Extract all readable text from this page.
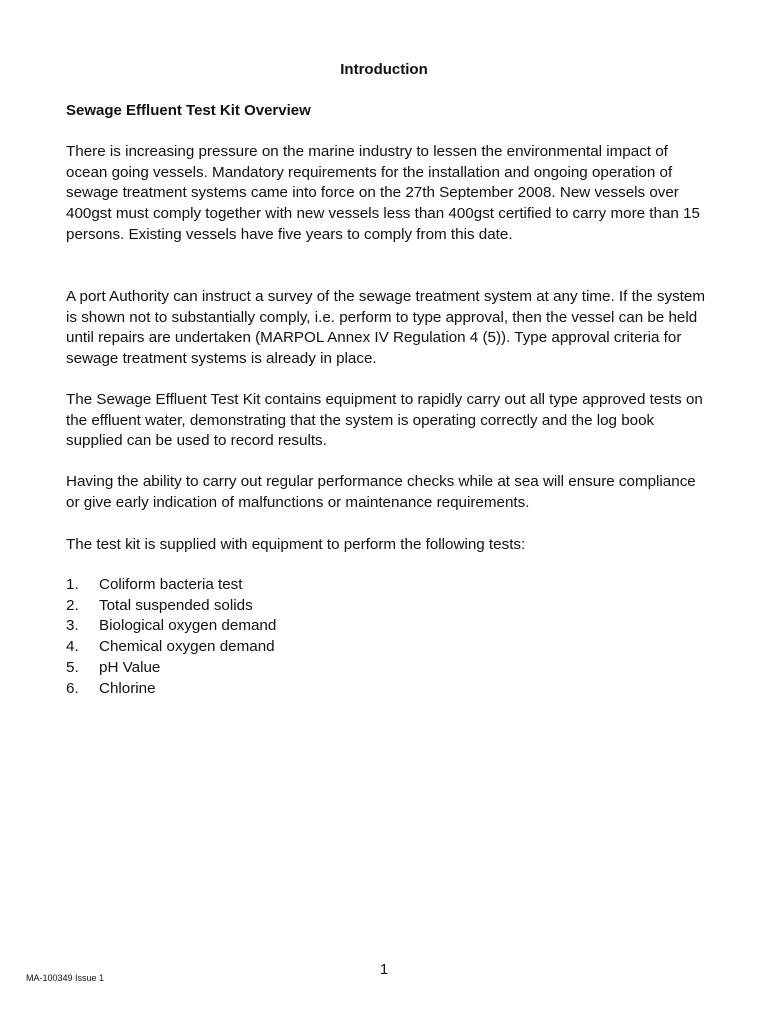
Introduction
Sewage Effluent Test Kit Overview

There is increasing pressure on the marine industry to lessen the environmental impact of ocean going vessels. Mandatory requirements for the installation and ongoing operation of sewage treatment systems came into force on the 27th September 2008. New vessels over 400gst must comply together with new vessels less than 400gst certified to carry more than 15 persons. Existing vessels have five years to comply from this date.

A port Authority can instruct a survey of the sewage treatment system at any time. If the system is shown not to substantially comply, i.e. perform to type approval, then the vessel can be held until repairs are undertaken (MARPOL Annex IV Regulation 4 (5)). Type approval criteria for sewage treatment systems is already in place.

The Sewage Effluent Test Kit contains equipment to rapidly carry out all type approved tests on the effluent water, demonstrating that the system is operating correctly and the log book supplied can be used to record results.

Having the ability to carry out regular performance checks while at sea will ensure compliance or give early indication of malfunctions or maintenance requirements.

The test kit is supplied with equipment to perform the following tests:

1.	Coliform bacteria test
2.	Total suspended solids
3.	Biological oxygen demand
4.	Chemical oxygen demand
5.	pH Value
6.	Chlorine
1
MA-100349 Issue 1
